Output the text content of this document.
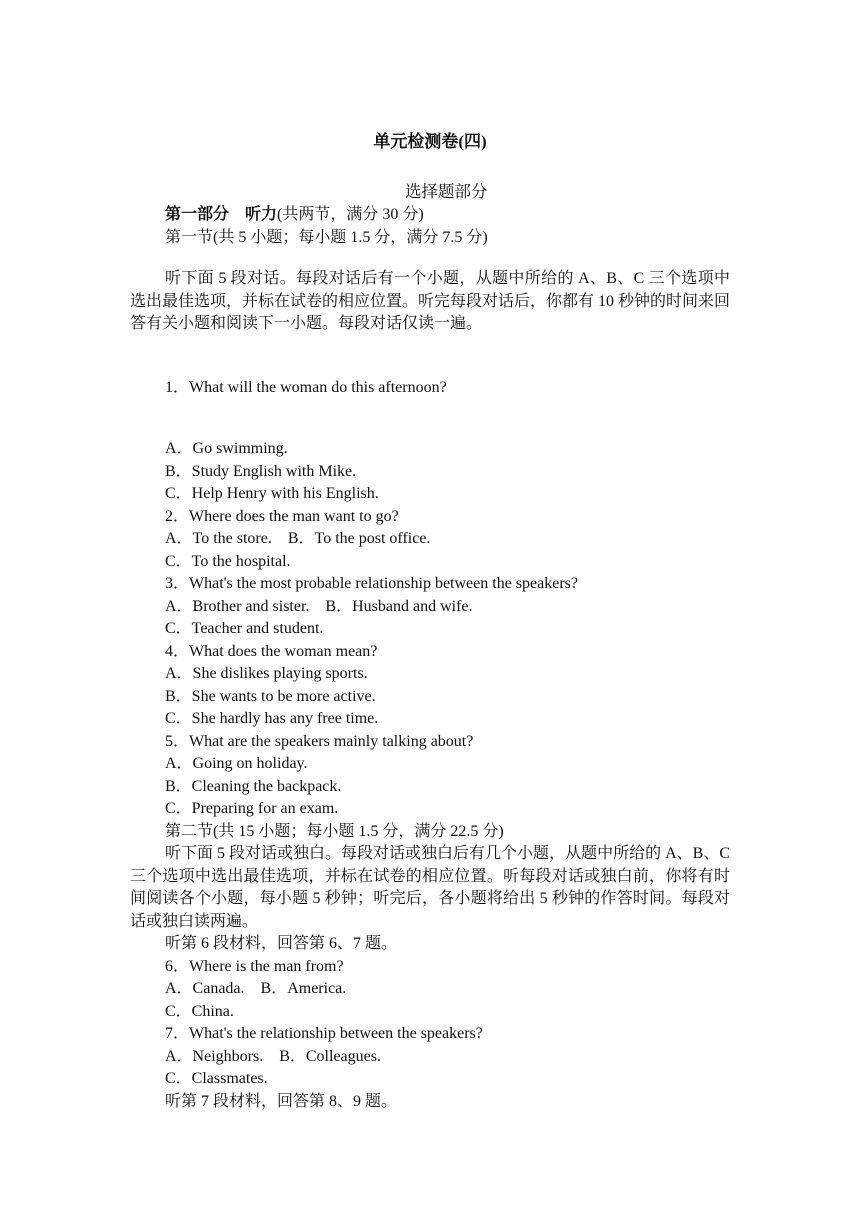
单元检测卷(四)
选择题部分
第一部分　听力(共两节，满分 30 分)
第一节(共 5 小题；每小题 1.5 分，满分 7.5 分)
听下面 5 段对话。每段对话后有一个小题，从题中所给的 A、B、C 三个选项中选出最佳选项，并标在试卷的相应位置。听完每段对话后，你都有 10 秒钟的时间来回答有关小题和阅读下一小题。每段对话仅读一遍。
1．What will the woman do this afternoon?
A．Go swimming.
B．Study English with Mike.
C．Help Henry with his English.
2．Where does the man want to go?
A．To the store.　B．To the post office.
C．To the hospital.
3．What's the most probable relationship between the speakers?
A．Brother and sister.　B．Husband and wife.
C．Teacher and student.
4．What does the woman mean?
A．She dislikes playing sports.
B．She wants to be more active.
C．She hardly has any free time.
5．What are the speakers mainly talking about?
A．Going on holiday.
B．Cleaning the backpack.
C．Preparing for an exam.
第二节(共 15 小题；每小题 1.5 分，满分 22.5 分)
听下面 5 段对话或独白。每段对话或独白后有几个小题，从题中所给的 A、B、C 三个选项中选出最佳选项，并标在试卷的相应位置。听每段对话或独白前，你将有时间阅读各个小题，每小题 5 秒钟；听完后，各小题将给出 5 秒钟的作答时间。每段对话或独白读两遍。
听第 6 段材料，回答第 6、7 题。
6．Where is the man from?
A．Canada.　B．America.
C．China.
7．What's the relationship between the speakers?
A．Neighbors.　B．Colleagues.
C．Classmates.
听第 7 段材料，回答第 8、9 题。
